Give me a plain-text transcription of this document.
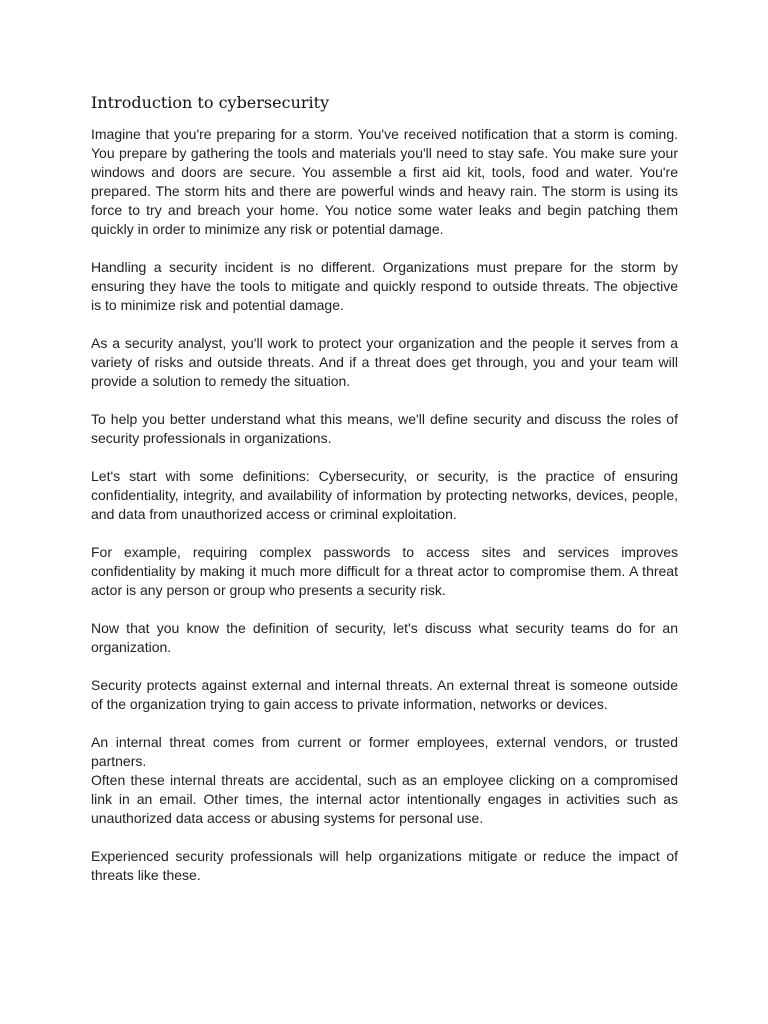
Introduction to cybersecurity

Imagine that you're preparing for a storm. You've received notification that a storm is coming. You prepare by gathering the tools and materials you'll need to stay safe. You make sure your windows and doors are secure. You assemble a first aid kit, tools, food and water. You're prepared. The storm hits and there are powerful winds and heavy rain. The storm is using its force to try and breach your home. You notice some water leaks and begin patching them quickly in order to minimize any risk or potential damage.

Handling a security incident is no different. Organizations must prepare for the storm by ensuring they have the tools to mitigate and quickly respond to outside threats. The objective is to minimize risk and potential damage.

As a security analyst, you'll work to protect your organization and the people it serves from a variety of risks and outside threats. And if a threat does get through, you and your team will provide a solution to remedy the situation.

To help you better understand what this means, we'll define security and discuss the roles of security professionals in organizations.

Let's start with some definitions: Cybersecurity, or security, is the practice of ensuring confidentiality, integrity, and availability of information by protecting networks, devices, people, and data from unauthorized access or criminal exploitation.

For example, requiring complex passwords to access sites and services improves confidentiality by making it much more difficult for a threat actor to compromise them. A threat actor is any person or group who presents a security risk.

Now that you know the definition of security, let's discuss what security teams do for an organization.

Security protects against external and internal threats. An external threat is someone outside of the organization trying to gain access to private information, networks or devices.

An internal threat comes from current or former employees, external vendors, or trusted partners.

Often these internal threats are accidental, such as an employee clicking on a compromised link in an email. Other times, the internal actor intentionally engages in activities such as unauthorized data access or abusing systems for personal use.

Experienced security professionals will help organizations mitigate or reduce the impact of threats like these.
